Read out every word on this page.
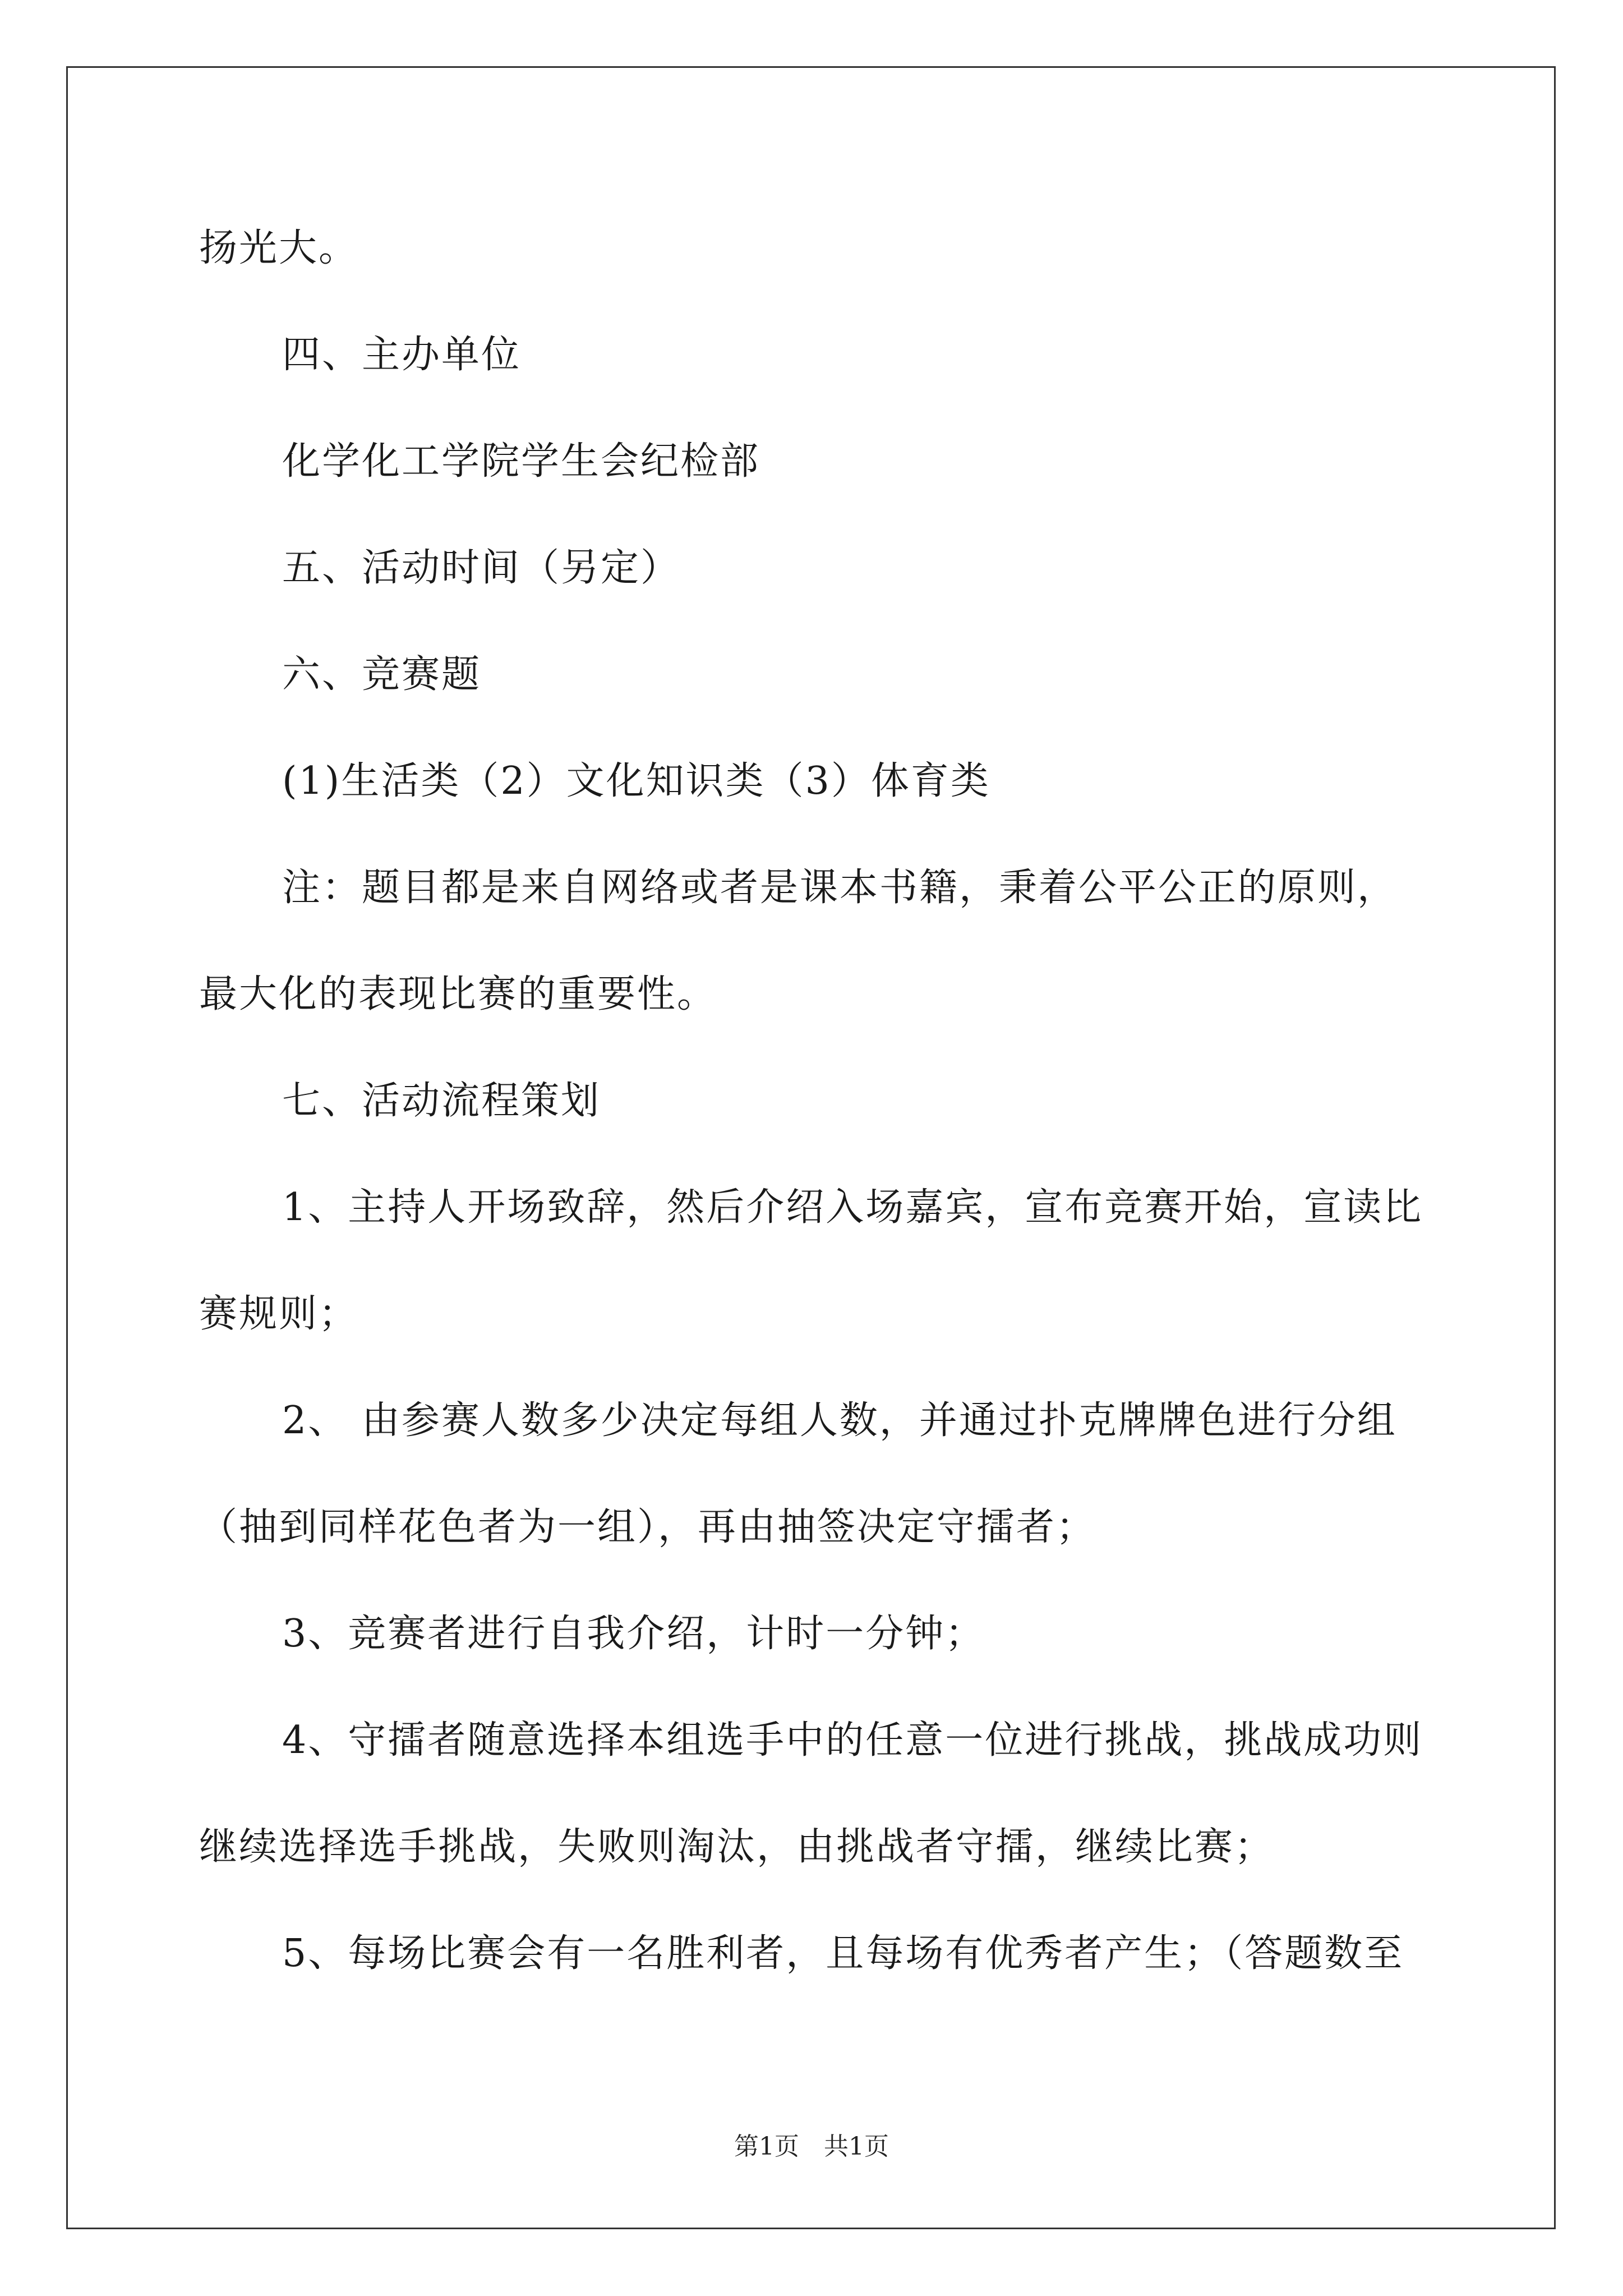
扬光大。
四、主办单位
化学化工学院学生会纪检部
五、活动时间（另定）
六、竞赛题
(1)生活类（2）文化知识类（3）体育类
注：题目都是来自网络或者是课本书籍，秉着公平公正的原则，
最大化的表现比赛的重要性。
七、活动流程策划
1、主持人开场致辞，然后介绍入场嘉宾，宣布竞赛开始，宣读比
赛规则；
2、 由参赛人数多少决定每组人数，并通过扑克牌牌色进行分组
（抽到同样花色者为一组），再由抽签决定守擂者；
3、竞赛者进行自我介绍，计时一分钟；
4、守擂者随意选择本组选手中的任意一位进行挑战，挑战成功则
继续选择选手挑战，失败则淘汰，由挑战者守擂，继续比赛；
5、每场比赛会有一名胜利者，且每场有优秀者产生；（答题数至
第1页　共1页
